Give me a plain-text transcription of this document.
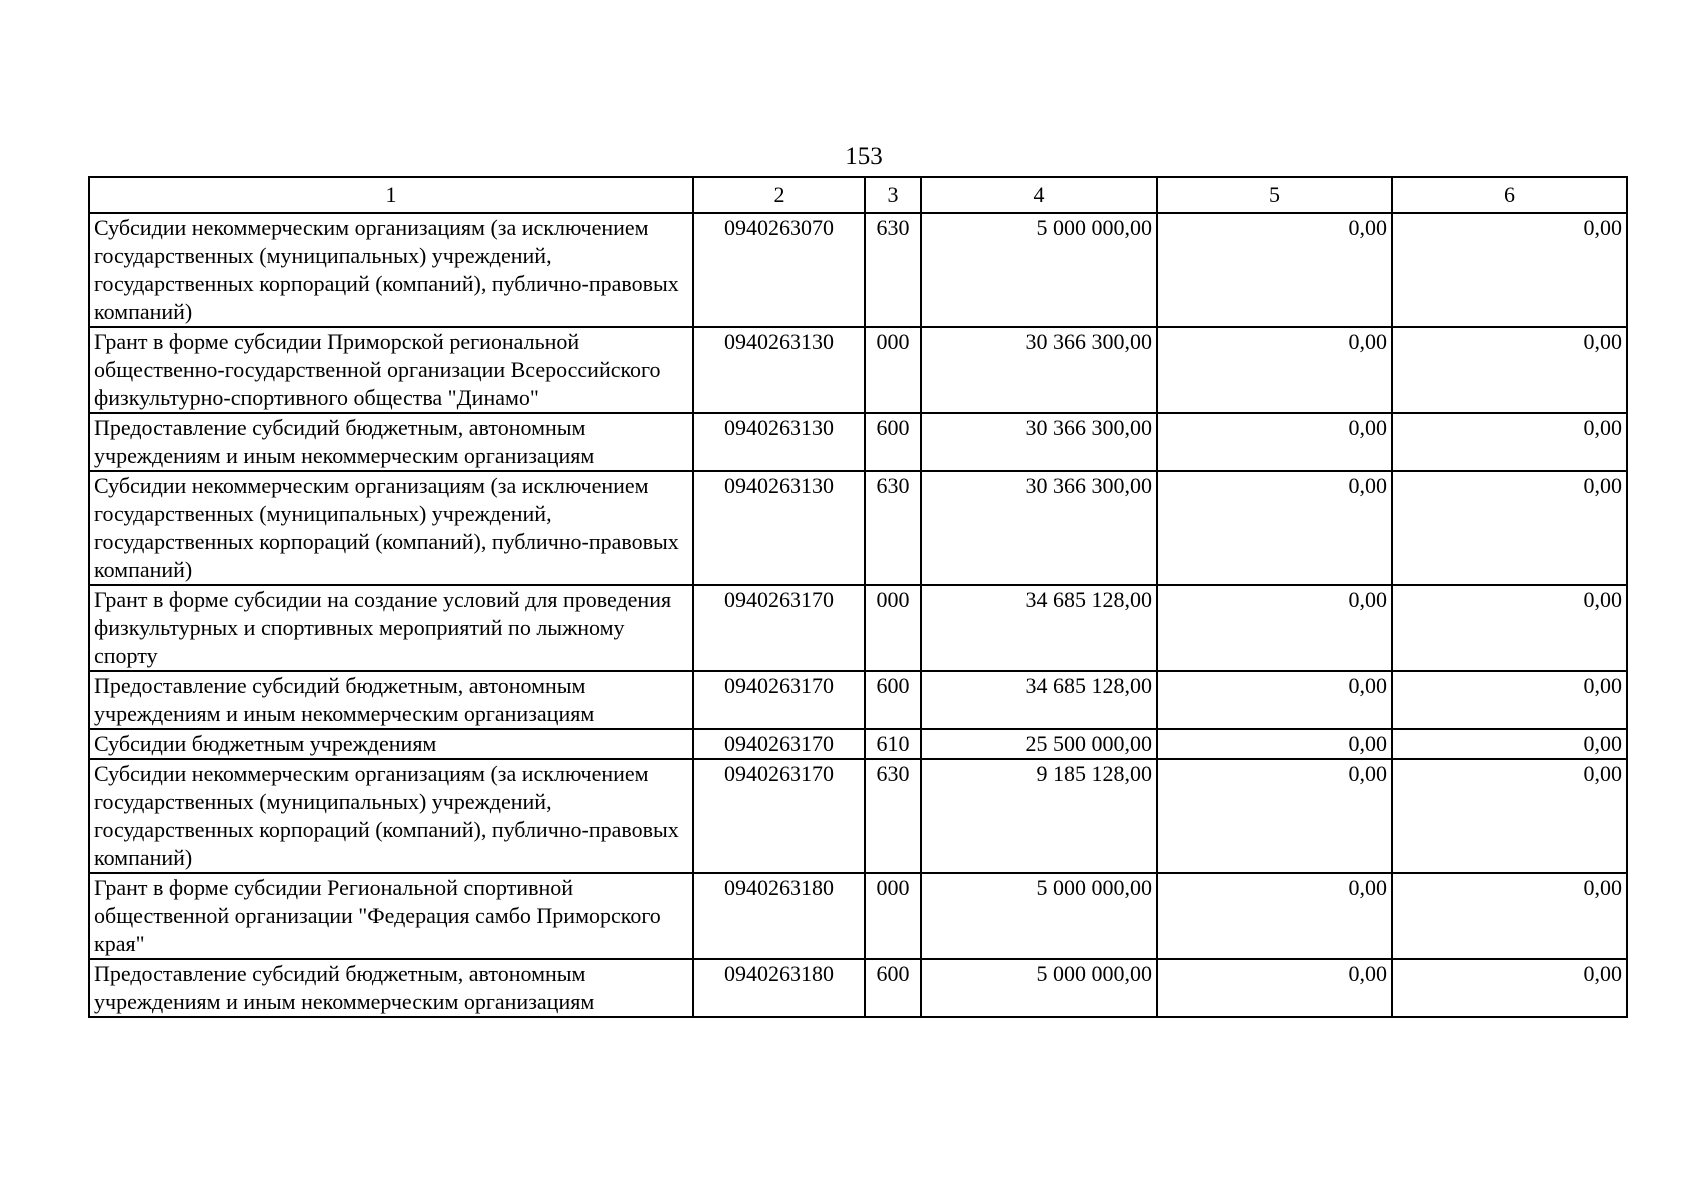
153
1	2	3	4	5	6
Субсидии некоммерческим организациям (за исключением государственных (муниципальных) учреждений, государственных корпораций (компаний), публично-правовых компаний)	0940263070	630	5 000 000,00	0,00	0,00
Грант в форме субсидии Приморской региональной общественно-государственной организации Всероссийского физкультурно-спортивного общества "Динамо"	0940263130	000	30 366 300,00	0,00	0,00
Предоставление субсидий бюджетным, автономным учреждениям и иным некоммерческим организациям	0940263130	600	30 366 300,00	0,00	0,00
Субсидии некоммерческим организациям (за исключением государственных (муниципальных) учреждений, государственных корпораций (компаний), публично-правовых компаний)	0940263130	630	30 366 300,00	0,00	0,00
Грант в форме субсидии на создание условий для проведения физкультурных и спортивных мероприятий по лыжному спорту	0940263170	000	34 685 128,00	0,00	0,00
Предоставление субсидий бюджетным, автономным учреждениям и иным некоммерческим организациям	0940263170	600	34 685 128,00	0,00	0,00
Субсидии бюджетным учреждениям	0940263170	610	25 500 000,00	0,00	0,00
Субсидии некоммерческим организациям (за исключением государственных (муниципальных) учреждений, государственных корпораций (компаний), публично-правовых компаний)	0940263170	630	9 185 128,00	0,00	0,00
Грант в форме субсидии Региональной спортивной общественной организации "Федерация самбо Приморского края"	0940263180	000	5 000 000,00	0,00	0,00
Предоставление субсидий бюджетным, автономным учреждениям и иным некоммерческим организациям	0940263180	600	5 000 000,00	0,00	0,00
